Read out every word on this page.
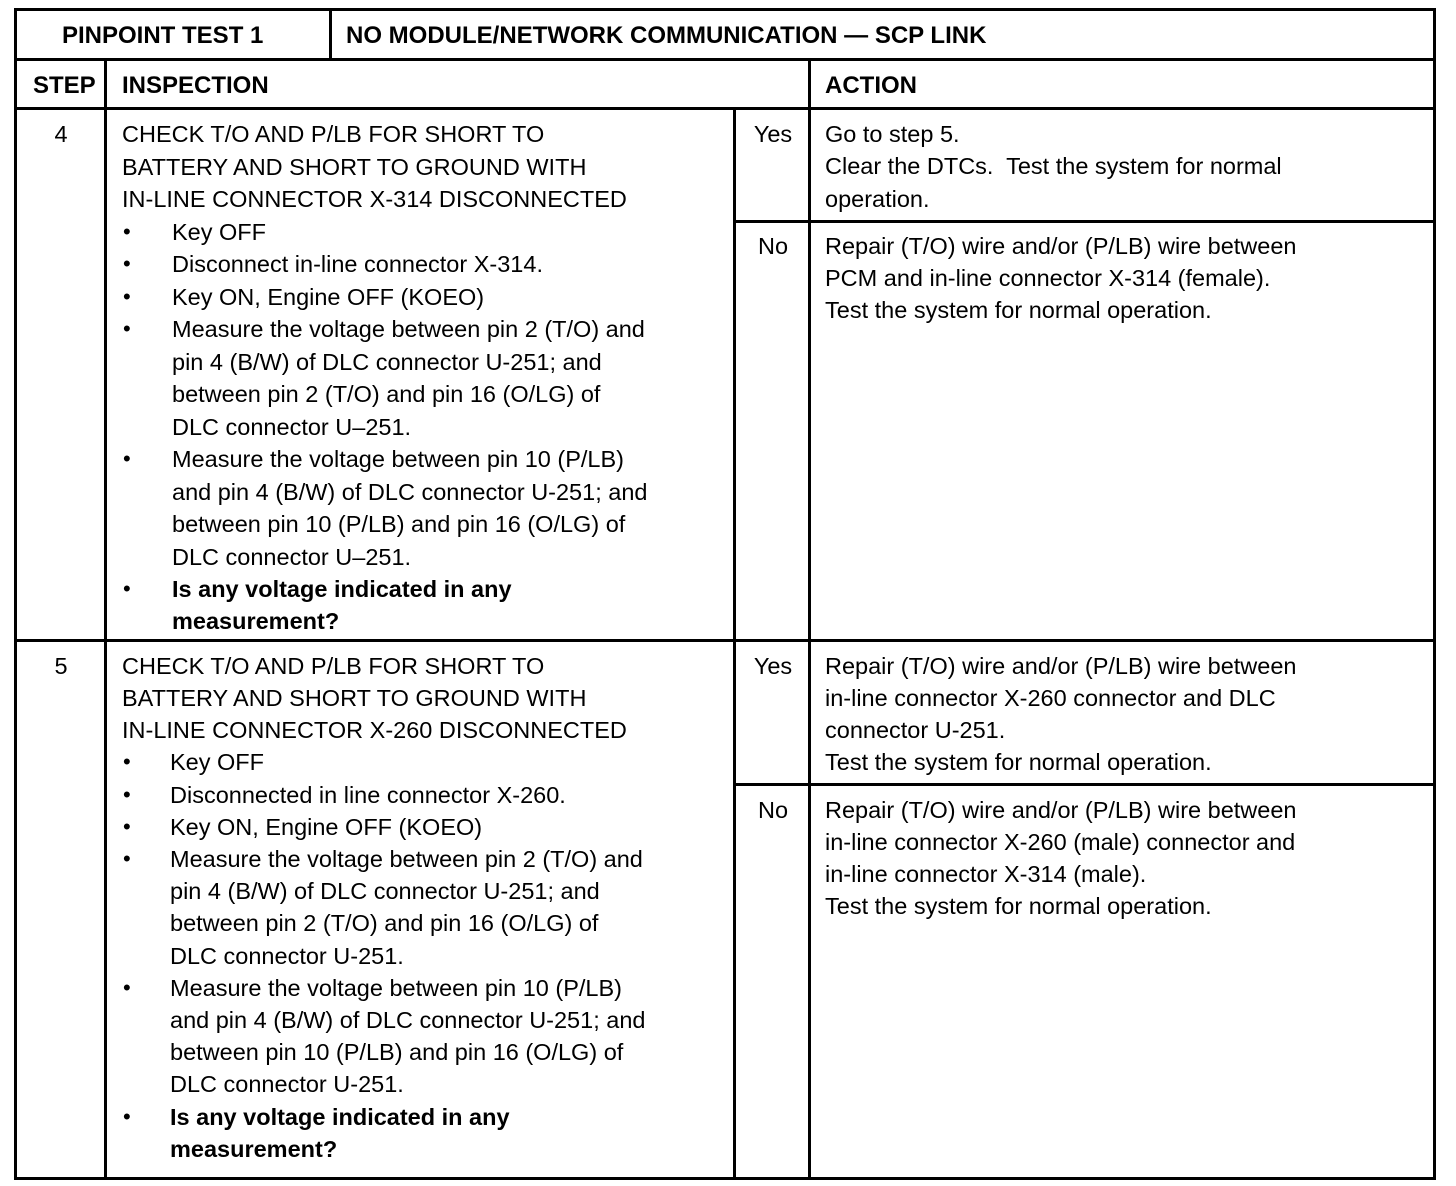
PINPOINT TEST 1	NO MODULE/NETWORK COMMUNICATION — SCP LINK
STEP INSPECTION	ACTION
4	CHECK T/O AND P/LB FOR SHORT TO
BATTERY AND SHORT TO GROUND WITH
IN-LINE CONNECTOR X-314 DISCONNECTED
• Key OFF
• Disconnect in-line connector X-314.
• Key ON, Engine OFF (KOEO)
• Measure the voltage between pin 2 (T/O) and
pin 4 (B/W) of DLC connector U-251; and
between pin 2 (T/O) and pin 16 (O/LG) of
DLC connector U–251.
• Measure the voltage between pin 10 (P/LB)
and pin 4 (B/W) of DLC connector U-251; and
between pin 10 (P/LB) and pin 16 (O/LG) of
DLC connector U–251.
• Is any voltage indicated in any
measurement?
Yes	Go to step 5.
Clear the DTCs.  Test the system for normal
operation.
No	Repair (T/O) wire and/or (P/LB) wire between
PCM and in-line connector X-314 (female).
Test the system for normal operation.
5	CHECK T/O AND P/LB FOR SHORT TO
BATTERY AND SHORT TO GROUND WITH
IN-LINE CONNECTOR X-260 DISCONNECTED
• Key OFF
• Disconnected in line connector X-260.
• Key ON, Engine OFF (KOEO)
• Measure the voltage between pin 2 (T/O) and
pin 4 (B/W) of DLC connector U-251; and
between pin 2 (T/O) and pin 16 (O/LG) of
DLC connector U-251.
• Measure the voltage between pin 10 (P/LB)
and pin 4 (B/W) of DLC connector U-251; and
between pin 10 (P/LB) and pin 16 (O/LG) of
DLC connector U-251.
• Is any voltage indicated in any
measurement?
Yes	Repair (T/O) wire and/or (P/LB) wire between
in-line connector X-260 connector and DLC
connector U-251.
Test the system for normal operation.
No	Repair (T/O) wire and/or (P/LB) wire between
in-line connector X-260 (male) connector and
in-line connector X-314 (male).
Test the system for normal operation.
